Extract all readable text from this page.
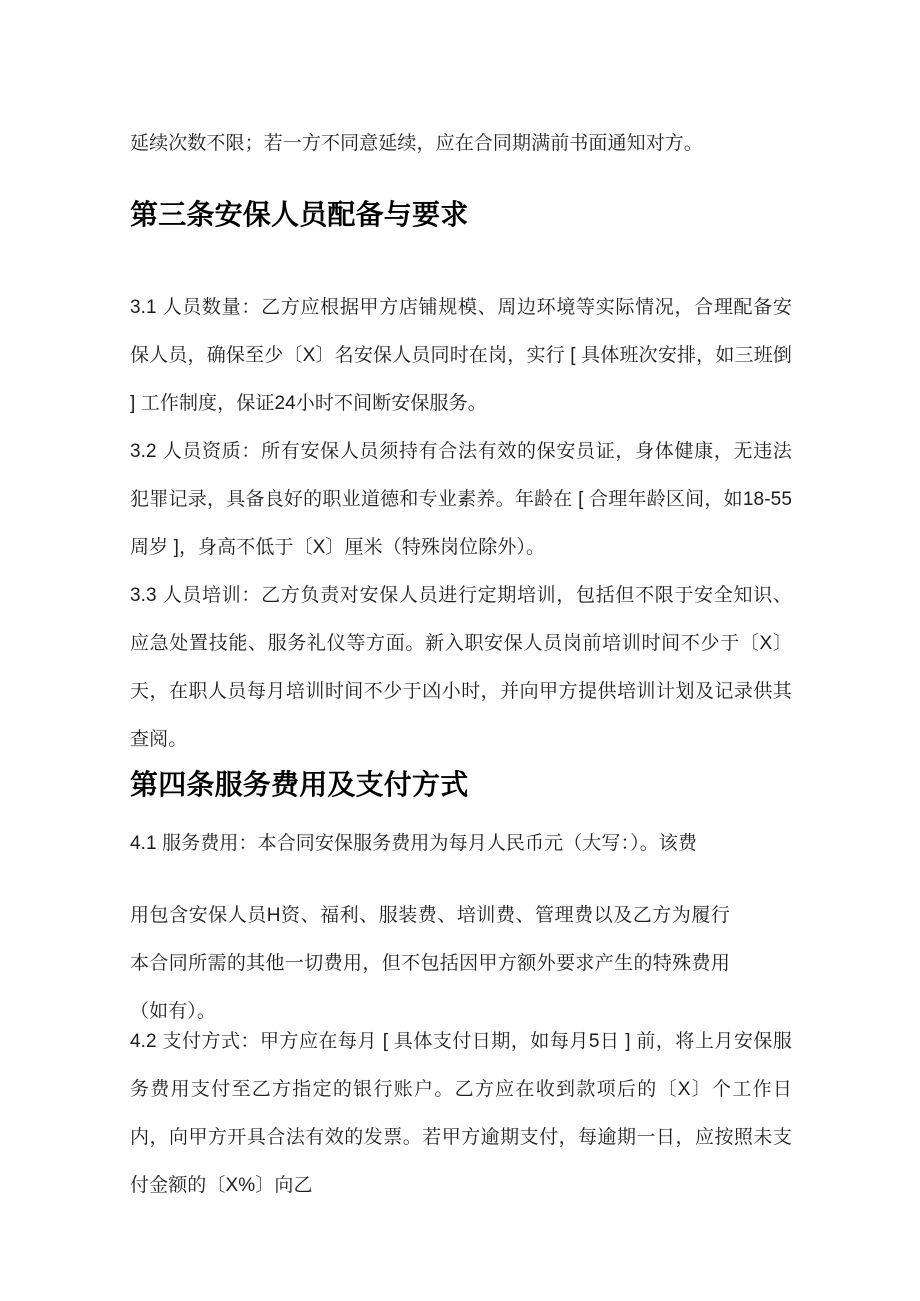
延续次数不限；若一方不同意延续，应在合同期满前书面通知对方。

第三条安保人员配备与要求

3.1 人员数量：乙方应根据甲方店铺规模、周边环境等实际情况，合理配备安保人员，确保至少〔X〕名安保人员同时在岗，实行 [ 具体班次安排，如三班倒 ] 工作制度，保证24小时不间断安保服务。

3.2 人员资质：所有安保人员须持有合法有效的保安员证，身体健康，无违法犯罪记录，具备良好的职业道德和专业素养。年龄在 [ 合理年龄区间，如18-55周岁 ]，身高不低于〔X〕厘米（特殊岗位除外）。

3.3 人员培训：乙方负责对安保人员进行定期培训，包括但不限于安全知识、应急处置技能、服务礼仪等方面。新入职安保人员岗前培训时间不少于〔X〕天，在职人员每月培训时间不少于凶小时，并向甲方提供培训计划及记录供其查阅。

第四条服务费用及支付方式

4.1 服务费用：本合同安保服务费用为每月人民币元（大写：）。该费

用包含安保人员H资、福利、服装费、培训费、管理费以及乙方为履行本合同所需的其他一切费用，但不包括因甲方额外要求产生的特殊费用（如有）。

4.2 支付方式：甲方应在每月 [ 具体支付日期，如每月5日 ] 前，将上月安保服务费用支付至乙方指定的银行账户。乙方应在收到款项后的〔X〕个工作日内，向甲方开具合法有效的发票。若甲方逾期支付，每逾期一日，应按照未支付金额的〔X%〕向乙
